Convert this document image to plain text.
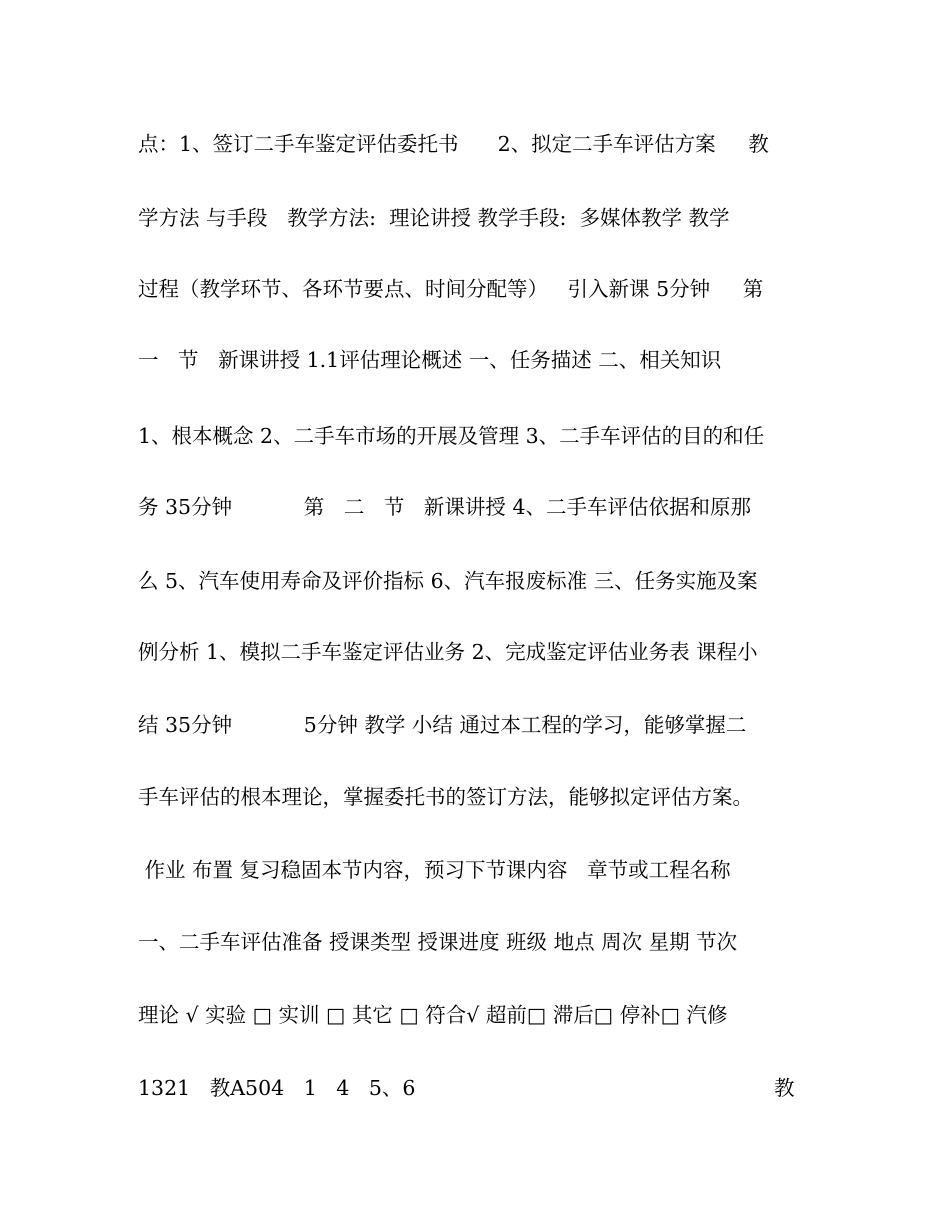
点：1、签订二手车鉴定评估委托书      2、拟定二手车评估方案     教
学方法 与手段   教学方法:  理论讲授 教学手段:  多媒体教学 教学
过程（教学环节、各环节要点、时间分配等）   引入新课 5分钟     第
一   节   新课讲授 1.1评估理论概述 一、任务描述 二、相关知识
1、根本概念 2、二手车市场的开展及管理 3、二手车评估的目的和任
务 35分钟           第   二   节   新课讲授 4、二手车评估依据和原那
么 5、汽车使用寿命及评价指标 6、汽车报废标准 三、任务实施及案
例分析 1、模拟二手车鉴定评估业务 2、完成鉴定评估业务表 课程小
结 35分钟           5分钟 教学 小结 通过本工程的学习，能够掌握二
手车评估的根本理论，掌握委托书的签订方法，能够拟定评估方案。
作业 布置 复习稳固本节内容，预习下节课内容   章节或工程名称
一、二手车评估准备 授课类型 授课进度 班级 地点 周次 星期 节次
理论 √ 实验 □ 实训 □ 其它 □ 符合√ 超前□ 滞后□ 停补□ 汽修
1321   教A504   1   4   5、6	教
